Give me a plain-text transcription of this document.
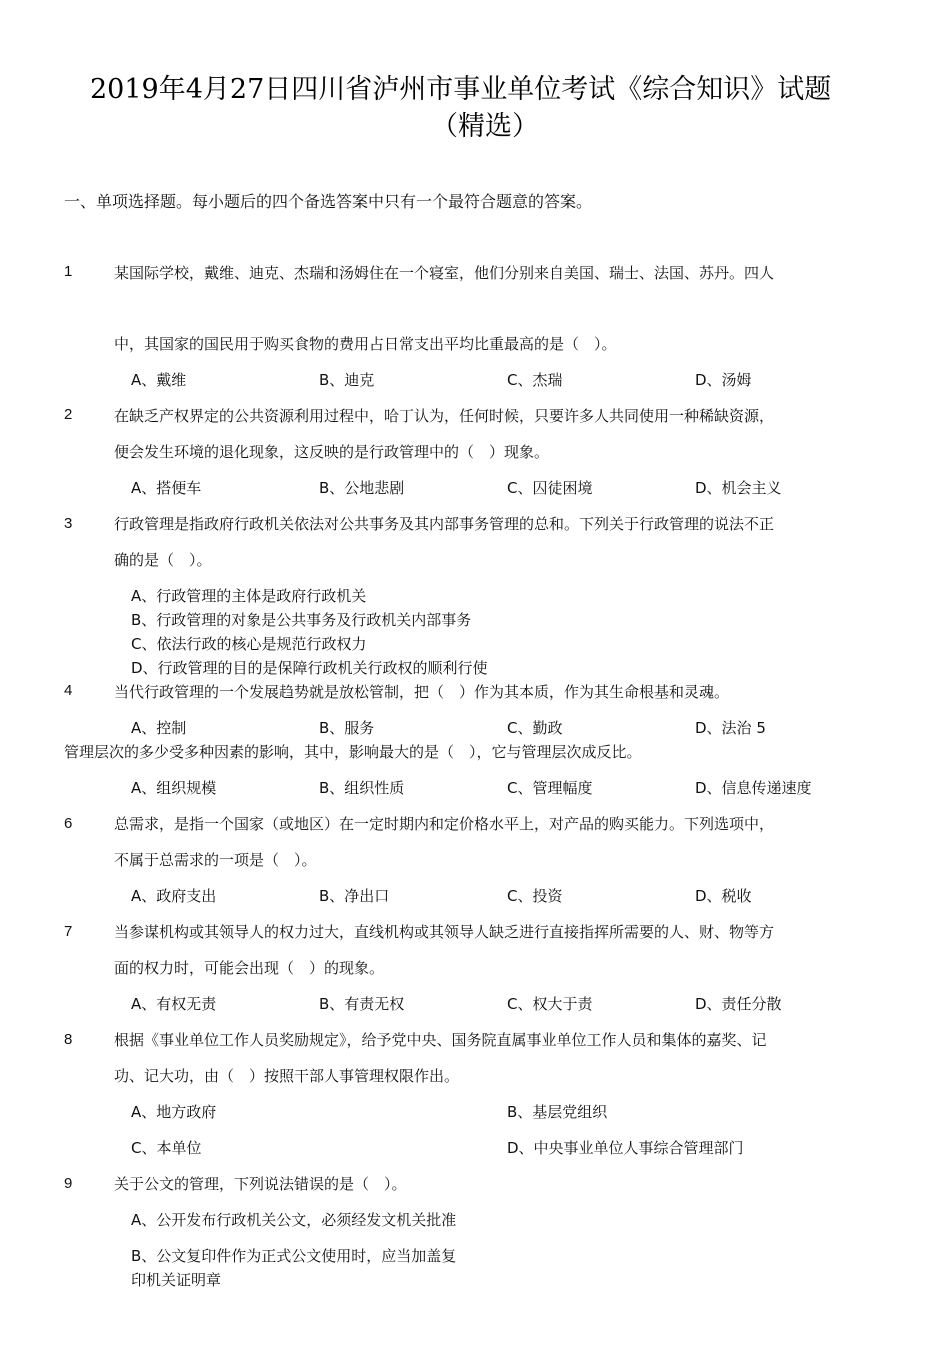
2019年4月27日四川省泸州市事业单位考试《综合知识》试题
（精选）
一、单项选择题。每小题后的四个备选答案中只有一个最符合题意的答案。
1	某国际学校，戴维、迪克、杰瑞和汤姆住在一个寝室，他们分别来自美国、瑞士、法国、苏丹。四人
中，其国家的国民用于购买食物的费用占日常支出平均比重最高的是（　）。
A、戴维	B、迪克	C、杰瑞	D、汤姆
2	在缺乏产权界定的公共资源利用过程中，哈丁认为，任何时候，只要许多人共同使用一种稀缺资源，
便会发生环境的退化现象，这反映的是行政管理中的（　）现象。
A、搭便车	B、公地悲剧	C、囚徒困境	D、机会主义
3	行政管理是指政府行政机关依法对公共事务及其内部事务管理的总和。下列关于行政管理的说法不正
确的是（　）。
A、行政管理的主体是政府行政机关
B、行政管理的对象是公共事务及行政机关内部事务
C、依法行政的核心是规范行政权力
D、行政管理的目的是保障行政机关行政权的顺利行使
4	当代行政管理的一个发展趋势就是放松管制，把（　）作为其本质，作为其生命根基和灵魂。
A、控制	B、服务	C、勤政	D、法治 5
管理层次的多少受多种因素的影响，其中，影响最大的是（　），它与管理层次成反比。
A、组织规模	B、组织性质	C、管理幅度	D、信息传递速度
6	总需求，是指一个国家（或地区）在一定时期内和定价格水平上，对产品的购买能力。下列选项中，
不属于总需求的一项是（　）。
A、政府支出	B、净出口	C、投资	D、税收
7	当参谋机构或其领导人的权力过大，直线机构或其领导人缺乏进行直接指挥所需要的人、财、物等方
面的权力时，可能会出现（　）的现象。
A、有权无责	B、有责无权	C、权大于责	D、责任分散
8	根据《事业单位工作人员奖励规定》，给予党中央、国务院直属事业单位工作人员和集体的嘉奖、记
功、记大功，由（　）按照干部人事管理权限作出。
A、地方政府	B、基层党组织
C、本单位	D、中央事业单位人事综合管理部门
9	关于公文的管理，下列说法错误的是（　）。
A、公开发布行政机关公文，必须经发文机关批准
B、公文复印件作为正式公文使用时，应当加盖复
印机关证明章
